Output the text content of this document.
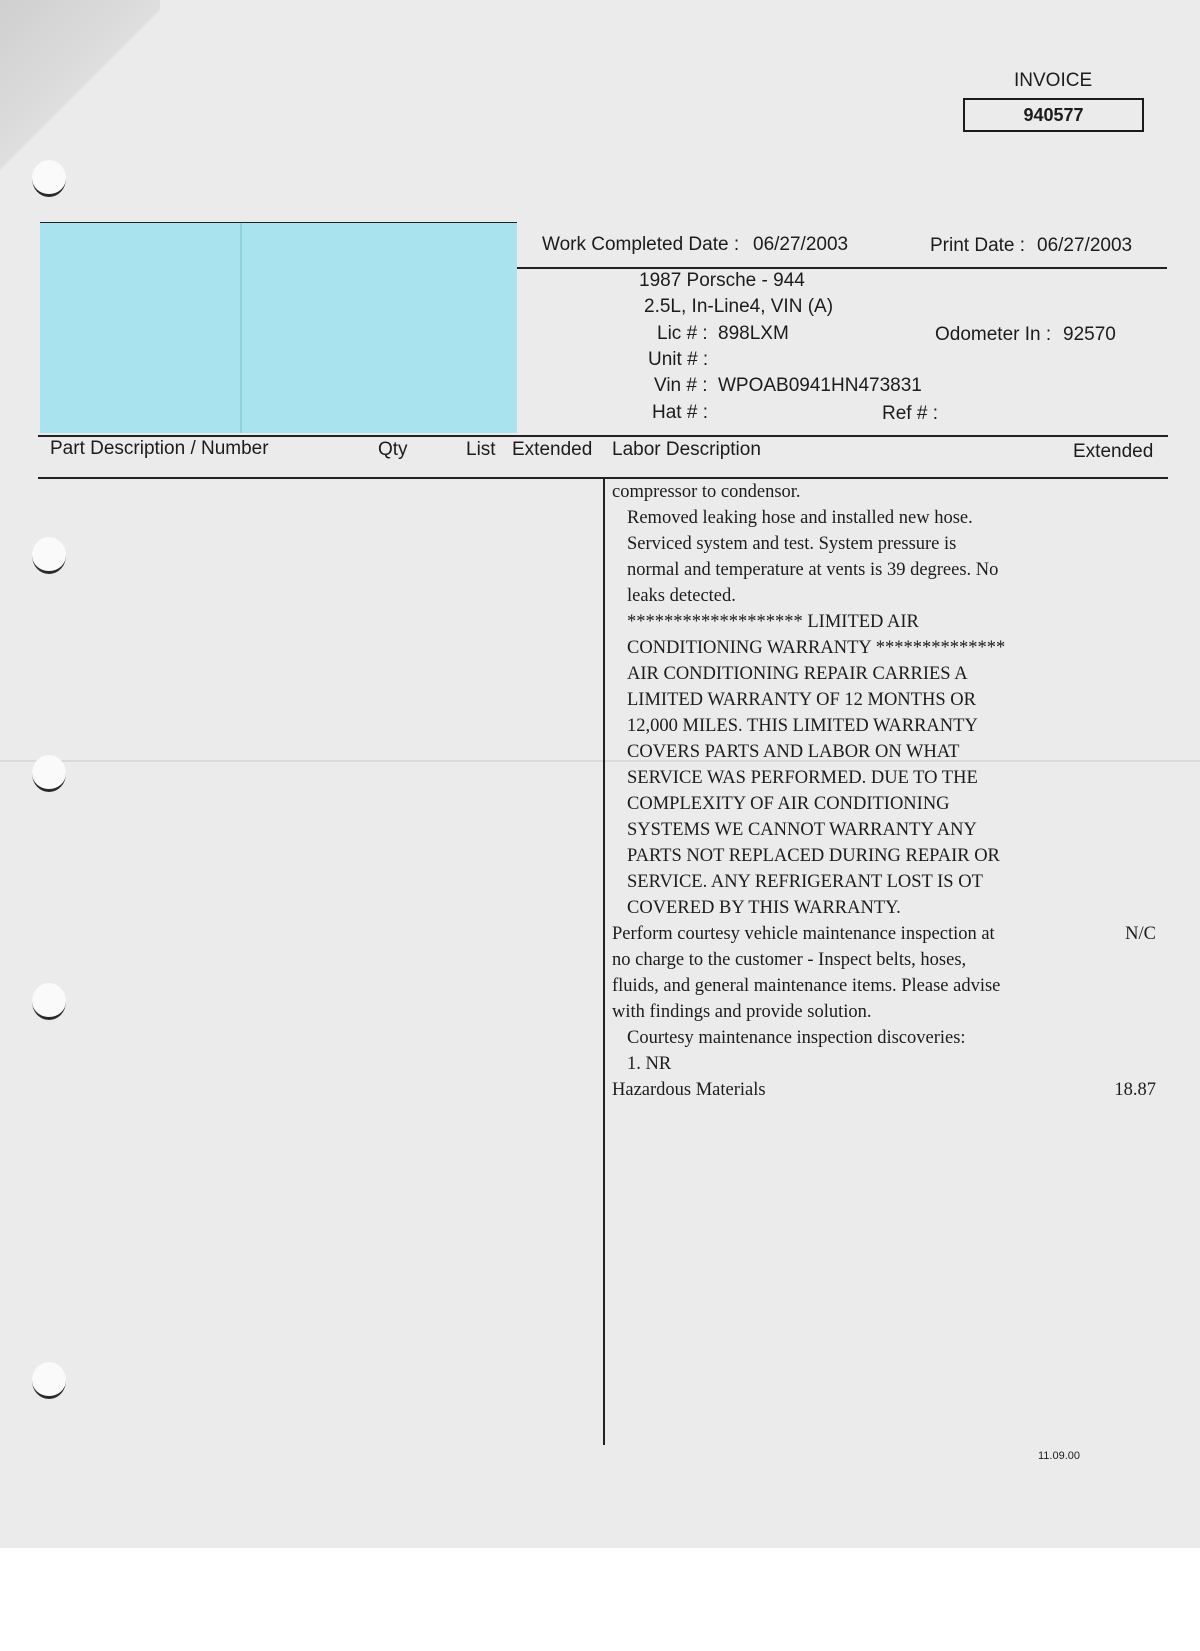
INVOICE
940577
Work Completed Date : 06/27/2003	Print Date : 06/27/2003
1987 Porsche - 944
2.5L, In-Line4, VIN (A)
Lic # : 898LXM	Odometer In : 92570
Unit # :
Vin # : WPOAB0941HN473831
Hat # :	Ref # :
Part Description / Number	Qty	List Extended Labor Description	Extended
compressor to condensor.
Removed leaking hose and installed new hose.
Serviced system and test. System pressure is
normal and temperature at vents is 39 degrees. No
leaks detected.
******************* LIMITED AIR
CONDITIONING WARRANTY **************
AIR CONDITIONING REPAIR CARRIES A
LIMITED WARRANTY OF 12 MONTHS OR
12,000 MILES. THIS LIMITED WARRANTY
COVERS PARTS AND LABOR ON WHAT
SERVICE WAS PERFORMED. DUE TO THE
COMPLEXITY OF AIR CONDITIONING
SYSTEMS WE CANNOT WARRANTY ANY
PARTS NOT REPLACED DURING REPAIR OR
SERVICE. ANY REFRIGERANT LOST IS OT
COVERED BY THIS WARRANTY.
Perform courtesy vehicle maintenance inspection at	N/C
no charge to the customer - Inspect belts, hoses,
fluids, and general maintenance items. Please advise
with findings and provide solution.
Courtesy maintenance inspection discoveries:
1. NR
Hazardous Materials	18.87
11.09.00
